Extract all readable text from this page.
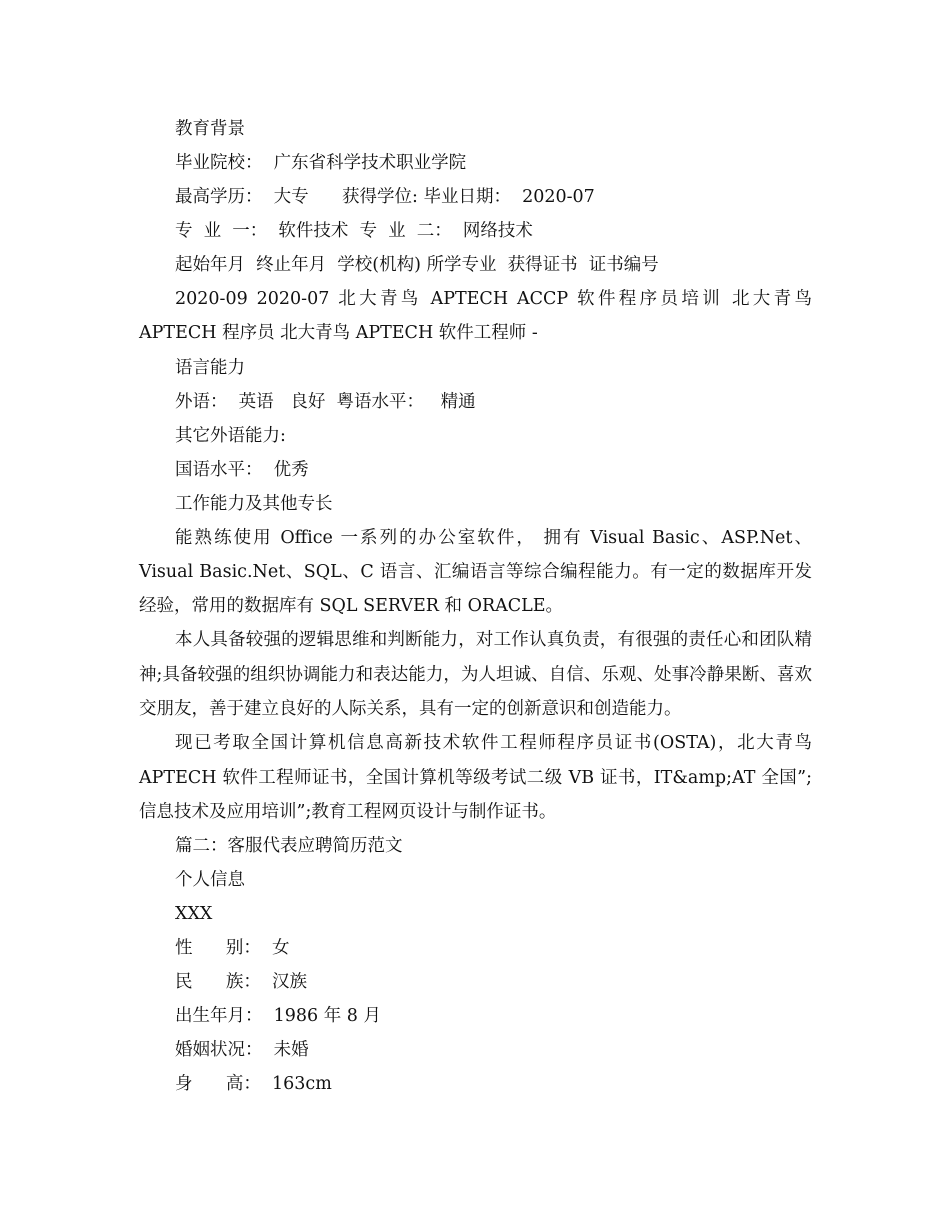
教育背景

毕业院校：  广东省科学技术职业学院

最高学历：  大专      获得学位: 毕业日期：  2020-07

专  业  一：  软件技术  专  业  二：  网络技术

起始年月  终止年月  学校(机构) 所学专业  获得证书  证书编号

2020-09 2020-07 北大青鸟 APTECH ACCP 软件程序员培训 北大青鸟 APTECH 程序员 北大青鸟 APTECH 软件工程师 -

语言能力

外语：  英语   良好  粤语水平：   精通

其它外语能力:

国语水平：  优秀

工作能力及其他专长

能熟练使用 Office 一系列的办公室软件， 拥有 Visual Basic、ASP.Net、Visual Basic.Net、SQL、C 语言、汇编语言等综合编程能力。有一定的数据库开发经验，常用的数据库有 SQL SERVER 和 ORACLE。

本人具备较强的逻辑思维和判断能力，对工作认真负责，有很强的责任心和团队精神;具备较强的组织协调能力和表达能力，为人坦诚、自信、乐观、处事冷静果断、喜欢交朋友，善于建立良好的人际关系，具有一定的创新意识和创造能力。

现已考取全国计算机信息高新技术软件工程师程序员证书(OSTA)，北大青鸟 APTECH 软件工程师证书，全国计算机等级考试二级 VB 证书，IT&amp;AT 全国”;信息技术及应用培训”;教育工程网页设计与制作证书。

篇二：客服代表应聘简历范文

个人信息

XXX

性      别：  女

民      族：  汉族

出生年月：  1986 年 8 月

婚姻状况：  未婚

身      高：  163cm
